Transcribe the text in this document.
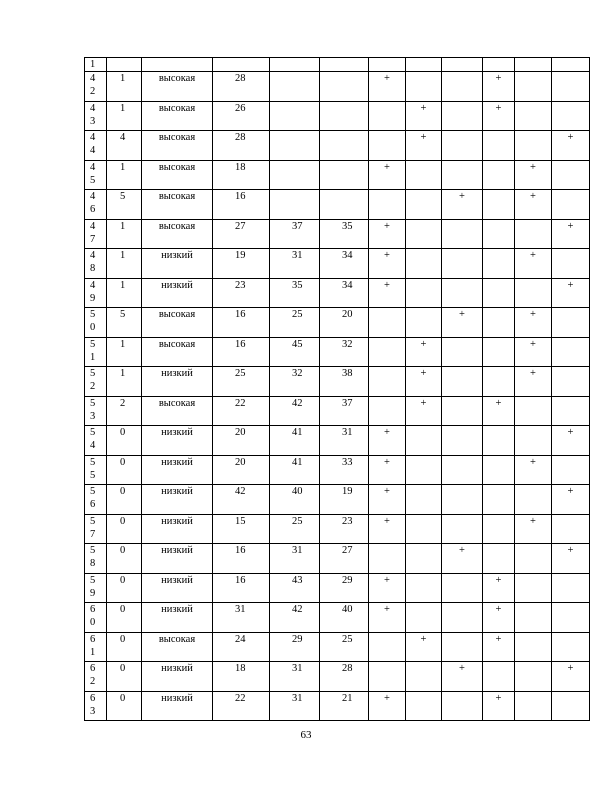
1											

42	1	высокая	28			+			+		

43	1	высокая	26				+		+		

44	4	высокая	28				+				+

45	1	высокая	18			+				+	

46	5	высокая	16					+		+	

47	1	высокая	27	37	35	+					+

48	1	низкий	19	31	34	+				+	

49	1	низкий	23	35	34	+					+

50	5	высокая	16	25	20			+		+	

51	1	высокая	16	45	32		+			+	

52	1	низкий	25	32	38		+			+	

53	2	высокая	22	42	37		+		+		

54	0	низкий	20	41	31	+					+

55	0	низкий	20	41	33	+				+	

56	0	низкий	42	40	19	+					+

57	0	низкий	15	25	23	+				+	

58	0	низкий	16	31	27			+			+

59	0	низкий	16	43	29	+			+		

60	0	низкий	31	42	40	+			+		

61	0	высокая	24	29	25		+		+		

62	0	низкий	18	31	28			+			+

63	0	низкий	22	31	21	+			+		
63
